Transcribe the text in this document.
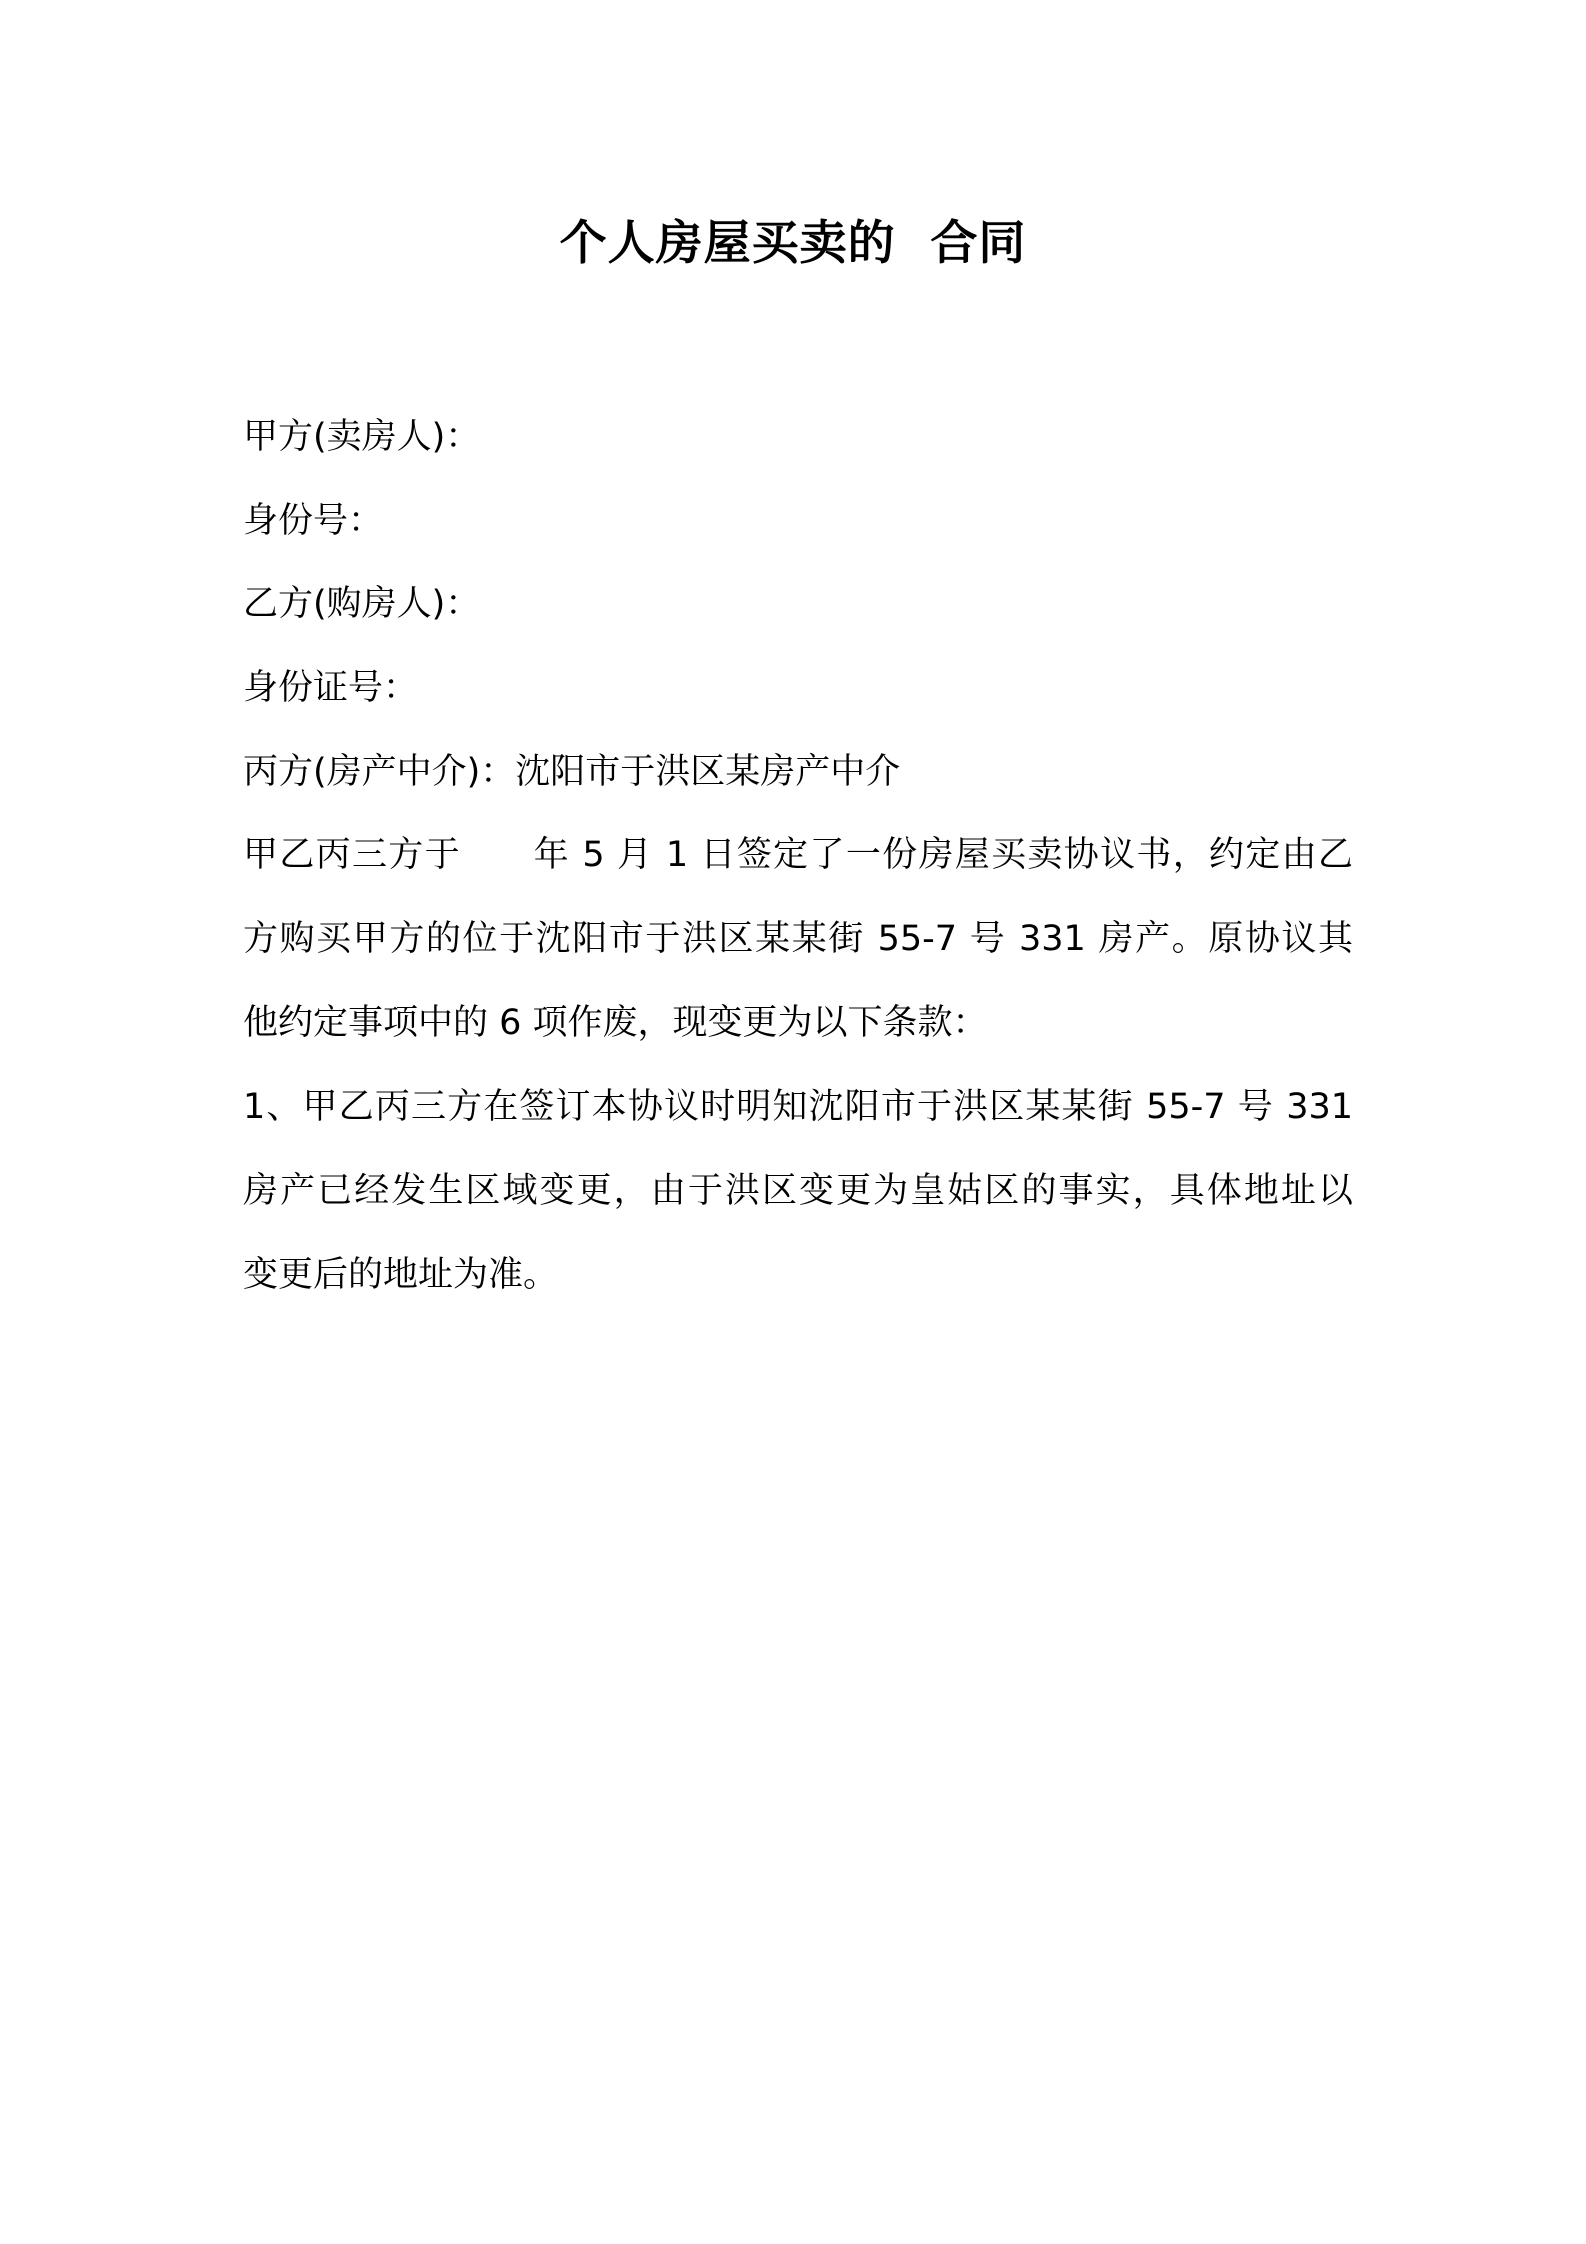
个人房屋买卖的  合同
甲方(卖房人)：
身份号：
乙方(购房人)：
身份证号：
丙方(房产中介)：沈阳市于洪区某房产中介
甲乙丙三方于　　年 5 月 1 日签定了一份房屋买卖协议书，约定由乙
方购买甲方的位于沈阳市于洪区某某街 55-7 号 331 房产。原协议其
他约定事项中的 6 项作废，现变更为以下条款：
1、甲乙丙三方在签订本协议时明知沈阳市于洪区某某街 55-7 号 331
房产已经发生区域变更，由于洪区变更为皇姑区的事实，具体地址以
变更后的地址为准。
